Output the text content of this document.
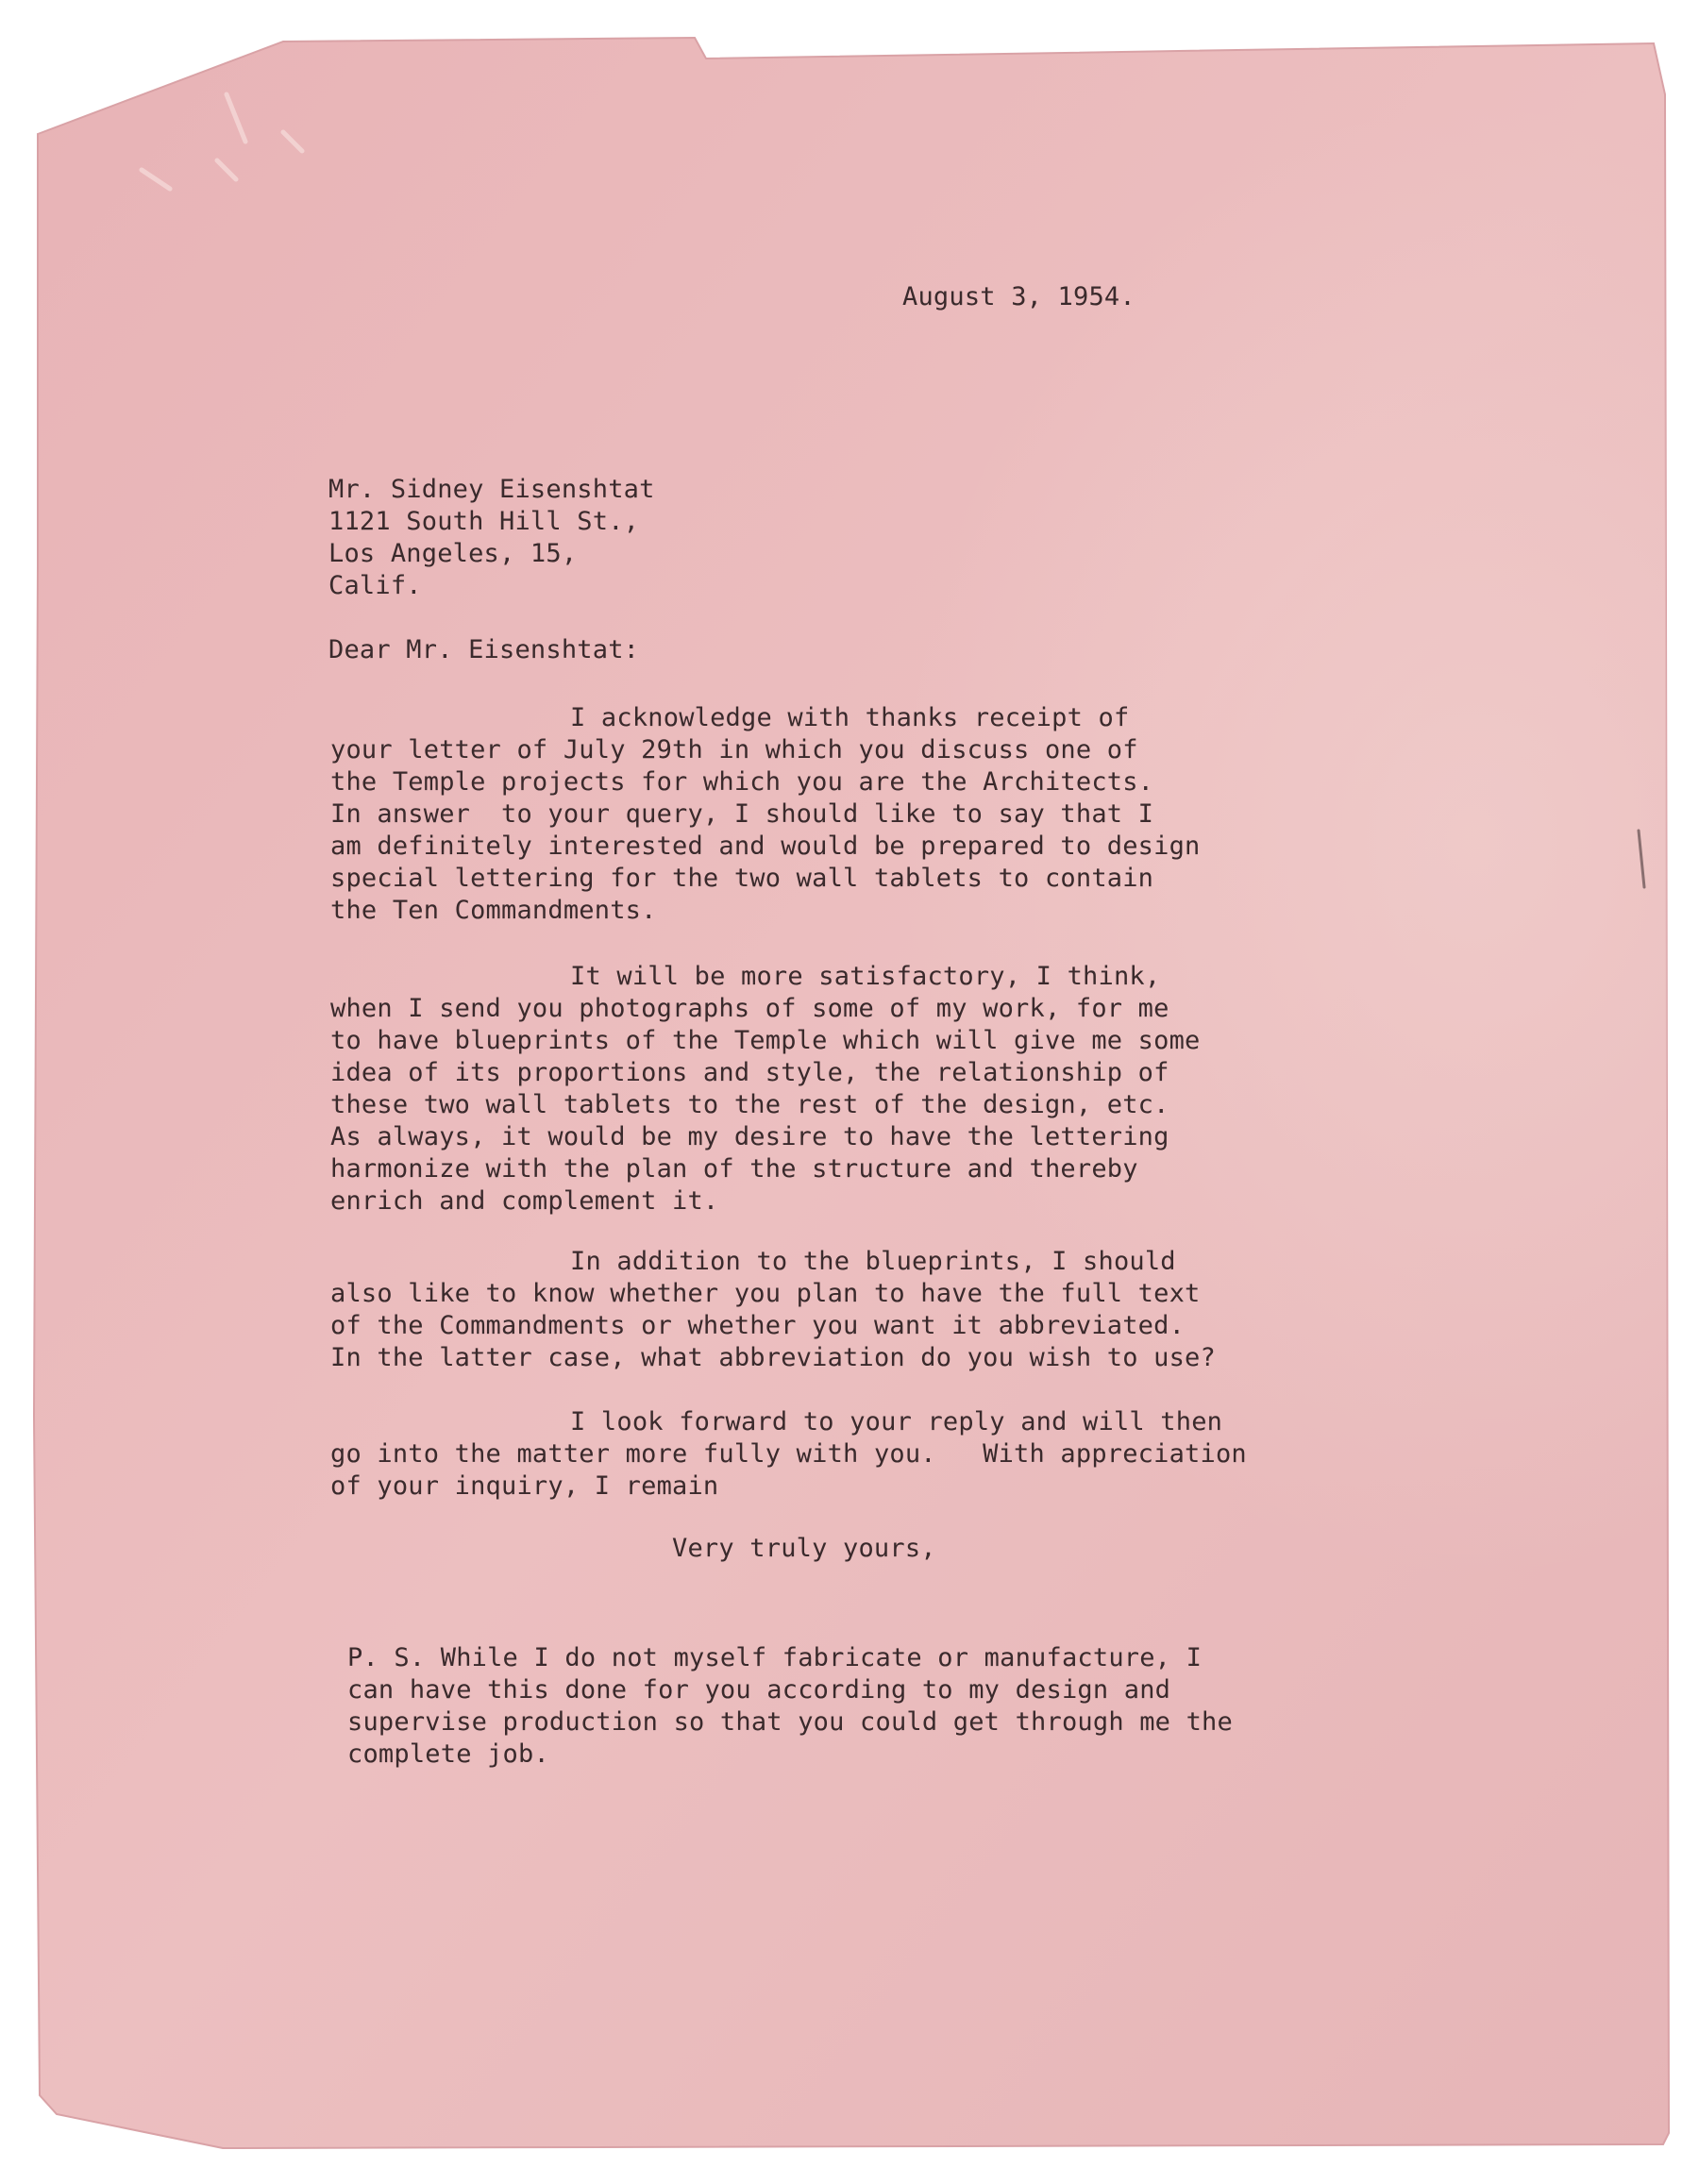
August 3, 1954.
Mr. Sidney Eisenshtat
1121 South Hill St.,
Los Angeles, 15,
Calif.
Dear Mr. Eisenshtat:
I acknowledge with thanks receipt of
your letter of July 29th in which you discuss one of
the Temple projects for which you are the Architects.
In answer  to your query, I should like to say that I
am definitely interested and would be prepared to design
special lettering for the two wall tablets to contain
the Ten Commandments.
It will be more satisfactory, I think,
when I send you photographs of some of my work, for me
to have blueprints of the Temple which will give me some
idea of its proportions and style, the relationship of
these two wall tablets to the rest of the design, etc.
As always, it would be my desire to have the lettering
harmonize with the plan of the structure and thereby
enrich and complement it.
In addition to the blueprints, I should
also like to know whether you plan to have the full text
of the Commandments or whether you want it abbreviated.
In the latter case, what abbreviation do you wish to use?
I look forward to your reply and will then
go into the matter more fully with you.   With appreciation
of your inquiry, I remain
Very truly yours,
P. S. While I do not myself fabricate or manufacture, I
can have this done for you according to my design and
supervise production so that you could get through me the
complete job.
